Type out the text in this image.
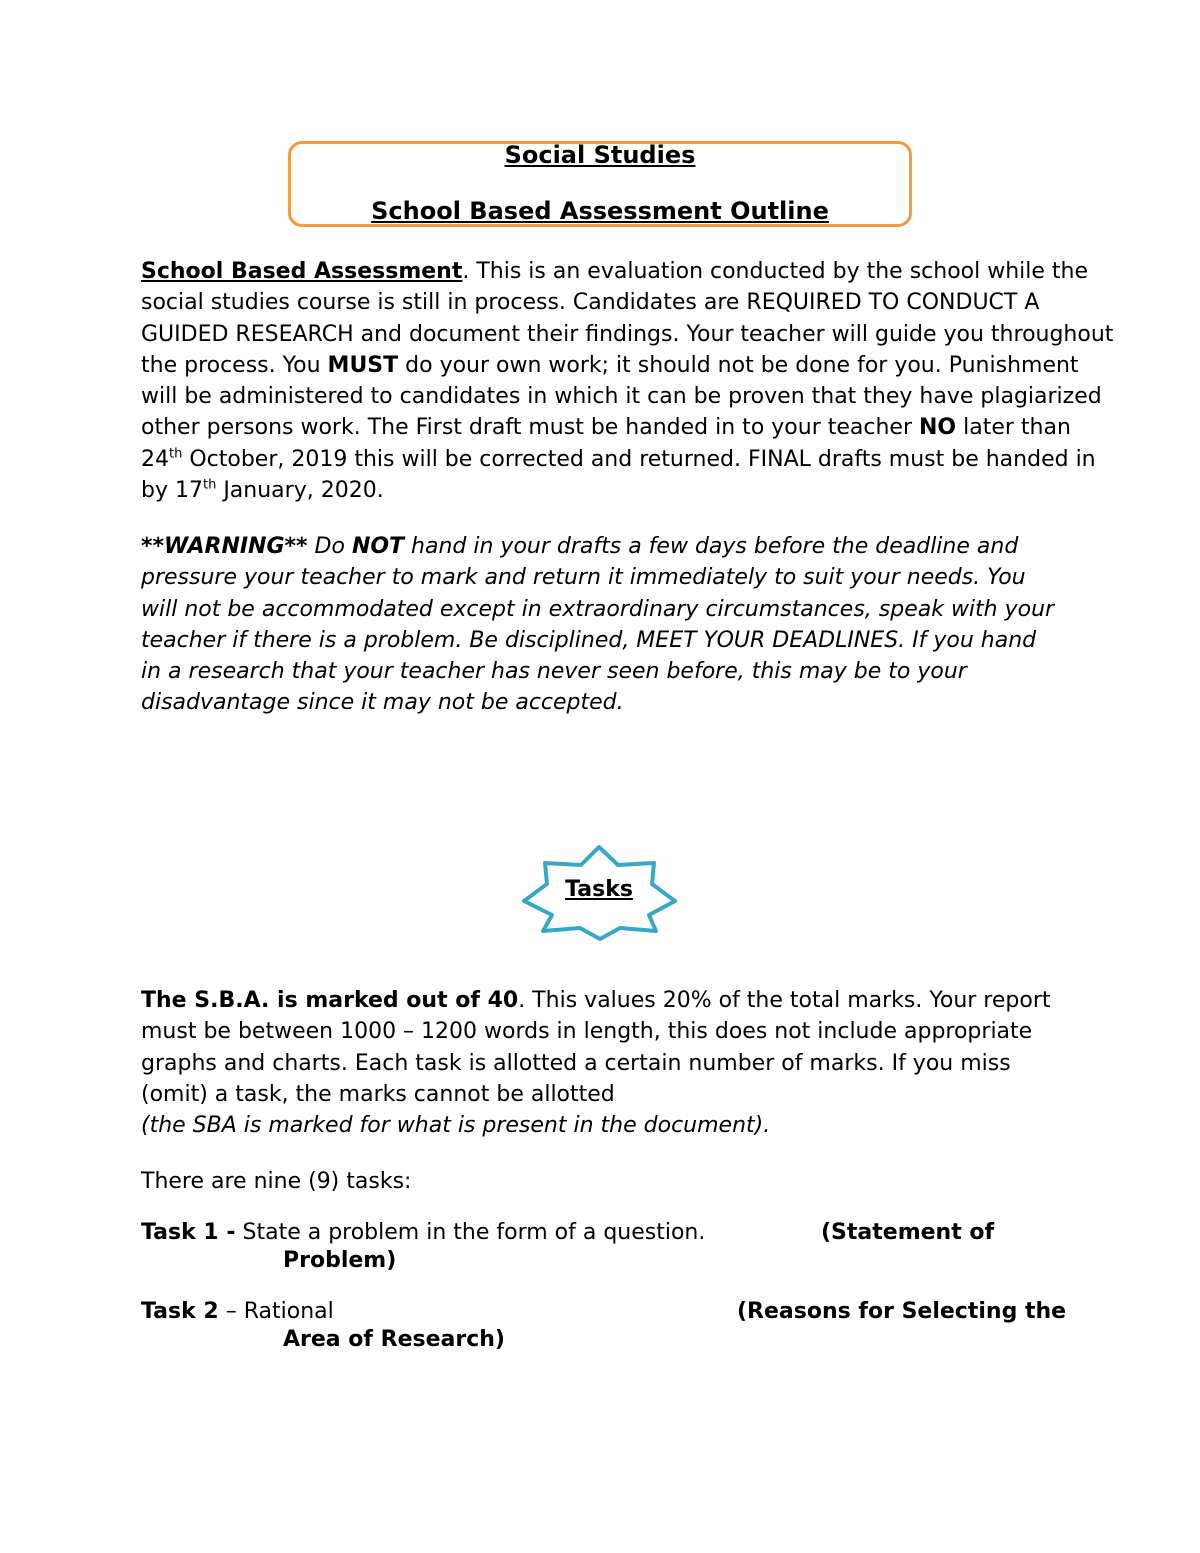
Social Studies
School Based Assessment Outline
School Based Assessment. This is an evaluation conducted by the school while the social studies course is still in process. Candidates are REQUIRED TO CONDUCT A GUIDED RESEARCH and document their findings. Your teacher will guide you throughout the process. You MUST do your own work; it should not be done for you. Punishment will be administered to candidates in which it can be proven that they have plagiarized other persons work. The First draft must be handed in to your teacher NO later than 24th October, 2019 this will be corrected and returned. FINAL drafts must be handed in by 17th January, 2020.
**WARNING** Do NOT hand in your drafts a few days before the deadline and pressure your teacher to mark and return it immediately to suit your needs. You will not be accommodated except in extraordinary circumstances, speak with your teacher if there is a problem. Be disciplined, MEET YOUR DEADLINES. If you hand in a research that your teacher has never seen before, this may be to your disadvantage since it may not be accepted.
Tasks
The S.B.A. is marked out of 40. This values 20% of the total marks. Your report must be between 1000 – 1200 words in length, this does not include appropriate graphs and charts. Each task is allotted a certain number of marks. If you miss (omit) a task, the marks cannot be allotted
(the SBA is marked for what is present in the document).
There are nine (9) tasks:
Task 1 - State a problem in the form of a question.	(Statement of
Problem)
Task 2 – Rational	(Reasons for Selecting the
Area of Research)
